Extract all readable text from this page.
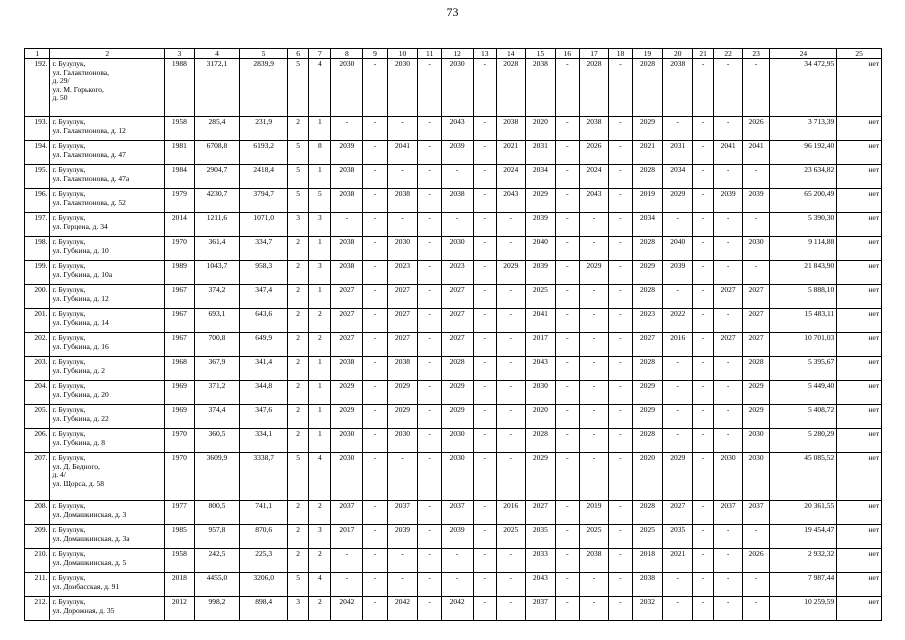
73
1	2	3	4	5	6	7	8	9	10	11	12	13	14	15	16	17	18	19	20	21	22	23	24	25
192.	г. Бузулук,
ул. Галактионова,
д. 29/
ул. М. Горького,
д. 50	1988	3172,1	2839,9	5	4	2030	-	2030	-	2030	-	2028	2038	-	2028	-	2028	2038	-	-	-	34 472,95	нет
193.	г. Бузулук,
ул. Галактионова, д. 12	1958	285,4	231,9	2	1	-	-	-	-	2043	-	2038	2020	-	2038	-	2029	-	-	-	2026	3 713,39	нет
194.	г. Бузулук,
ул. Галактионова, д. 47	1981	6708,8	6193,2	5	8	2039	-	2041	-	2039	-	2021	2031	-	2026	-	2021	2031	-	2041	2041	96 192,40	нет
195.	г. Бузулук,
ул. Галактионова, д. 47а	1984	2904,7	2418,4	5	1	2038	-	-	-	-	-	2024	2034	-	2024	-	2028	2034	-	-	-	23 634,82	нет
196.	г. Бузулук,
ул. Галактионова, д. 52	1979	4230,7	3794,7	5	5	2038	-	2038	-	2038	-	2043	2029	-	2043	-	2019	2029	-	2039	2039	65 200,49	нет
197.	г. Бузулук,
ул. Герцена, д. 34	2014	1211,6	1071,0	3	3	-	-	-	-	-	-	-	2039	-	-	-	2034	-	-	-	-	5 390,30	нет
198.	г. Бузулук,
ул. Губкина, д. 10	1970	361,4	334,7	2	1	2038	-	2030	-	2030	-	-	2040	-	-	-	2028	2040	-	-	2030	9 114,88	нет
199.	г. Бузулук,
ул. Губкина, д. 10а	1989	1043,7	958,3	2	3	2038	-	2023	-	2023	-	2029	2039	-	2029	-	2029	2039	-	-	-	21 843,90	нет
200.	г. Бузулук,
ул. Губкина, д. 12	1967	374,2	347,4	2	1	2027	-	2027	-	2027	-	-	2025	-	-	-	2028	-	-	2027	2027	5 888,10	нет
201.	г. Бузулук,
ул. Губкина, д. 14	1967	693,1	643,6	2	2	2027	-	2027	-	2027	-	-	2041	-	-	-	2023	2022	-	-	2027	15 483,11	нет
202.	г. Бузулук,
ул. Губкина, д. 16	1967	700,8	649,9	2	2	2027	-	2027	-	2027	-	-	2017	-	-	-	2027	2016	-	2027	2027	10 701,03	нет
203.	г. Бузулук,
ул. Губкина, д. 2	1968	367,9	341,4	2	1	2038	-	2038	-	2028	-	-	2043	-	-	-	2028	-	-	-	2028	5 395,67	нет
204.	г. Бузулук,
ул. Губкина, д. 20	1969	371,2	344,8	2	1	2029	-	2029	-	2029	-	-	2030	-	-	-	2029	-	-	-	2029	5 449,40	нет
205.	г. Бузулук,
ул. Губкина, д. 22	1969	374,4	347,6	2	1	2029	-	2029	-	2029	-	-	2020	-	-	-	2029	-	-	-	2029	5 408,72	нет
206.	г. Бузулук,
ул. Губкина, д. 8	1970	360,5	334,1	2	1	2030	-	2030	-	2030	-	-	2028	-	-	-	2028	-	-	-	2030	5 280,29	нет
207.	г. Бузулук,
ул. Д. Бедного,
д. 4/
ул. Щорса, д. 58	1970	3609,9	3338,7	5	4	2030	-	-	-	2030	-	-	2029	-	-	-	2020	2029	-	2030	2030	45 085,52	нет
208.	г. Бузулук,
ул. Домашкинская, д. 3	1977	800,5	741,1	2	2	2037	-	2037	-	2037	-	2016	2027	-	2019	-	2028	2027	-	2037	2037	20 361,55	нет
209.	г. Бузулук,
ул. Домашкинская, д. 3а	1985	957,8	870,6	2	3	2017	-	2039	-	2039	-	2025	2035	-	2025	-	2025	2035	-	-	-	19 454,47	нет
210.	г. Бузулук,
ул. Домашкинская, д. 5	1958	242,5	225,3	2	2	-	-	-	-	-	-	-	2033	-	2038	-	2018	2021	-	-	2026	2 932,32	нет
211.	г. Бузулук,
ул. Донбасская, д. 91	2018	4455,0	3206,0	5	4	-	-	-	-	-	-	-	2043	-	-	-	2038	-	-	-	-	7 987,44	нет
212.	г. Бузулук,
ул. Дорожная, д. 35	2012	998,2	898,4	3	2	2042	-	2042	-	2042	-	-	2037	-	-	-	2032	-	-	-	-	10 259,59	нет
